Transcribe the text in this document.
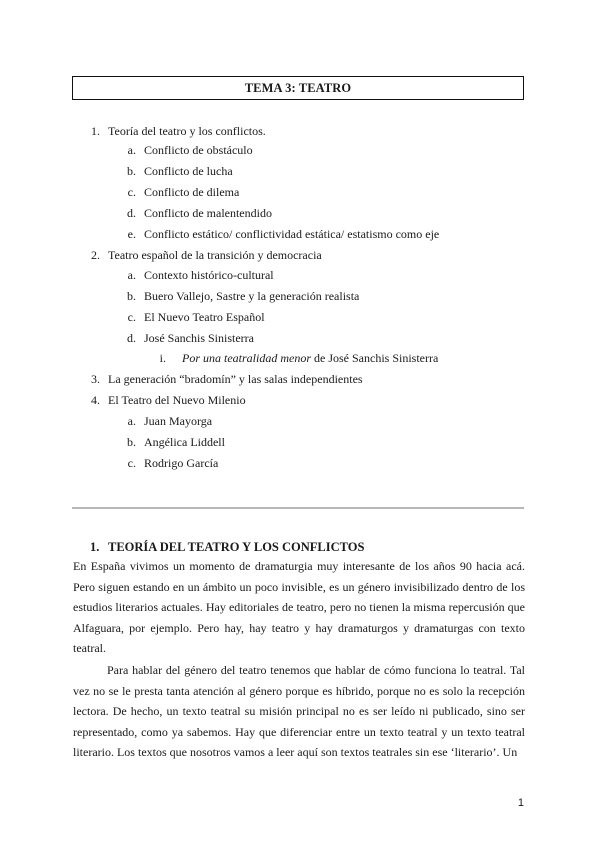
TEMA 3: TEATRO
1. Teoría del teatro y los conflictos.
a. Conflicto de obstáculo
b. Conflicto de lucha
c. Conflicto de dilema
d. Conflicto de malentendido
e. Conflicto estático/ conflictividad estática/ estatismo como eje
2. Teatro español de la transición y democracia
a. Contexto histórico-cultural
b. Buero Vallejo, Sastre y la generación realista
c. El Nuevo Teatro Español
d. José Sanchis Sinisterra
i. Por una teatralidad menor de José Sanchis Sinisterra
3. La generación “bradomín” y las salas independientes
4. El Teatro del Nuevo Milenio
a. Juan Mayorga
b. Angélica Liddell
c. Rodrigo García
1. TEORÍA DEL TEATRO Y LOS CONFLICTOS

En España vivimos un momento de dramaturgia muy interesante de los años 90 hacia acá. Pero siguen estando en un ámbito un poco invisible, es un género invisibilizado dentro de los estudios literarios actuales. Hay editoriales de teatro, pero no tienen la misma repercusión que Alfaguara, por ejemplo. Pero hay, hay teatro y hay dramaturgos y dramaturgas con texto teatral.

Para hablar del género del teatro tenemos que hablar de cómo funciona lo teatral. Tal vez no se le presta tanta atención al género porque es híbrido, porque no es solo la recepción lectora. De hecho, un texto teatral su misión principal no es ser leído ni publicado, sino ser representado, como ya sabemos. Hay que diferenciar entre un texto teatral y un texto teatral literario. Los textos que nosotros vamos a leer aquí son textos teatrales sin ese ‘literario’. Un

1
